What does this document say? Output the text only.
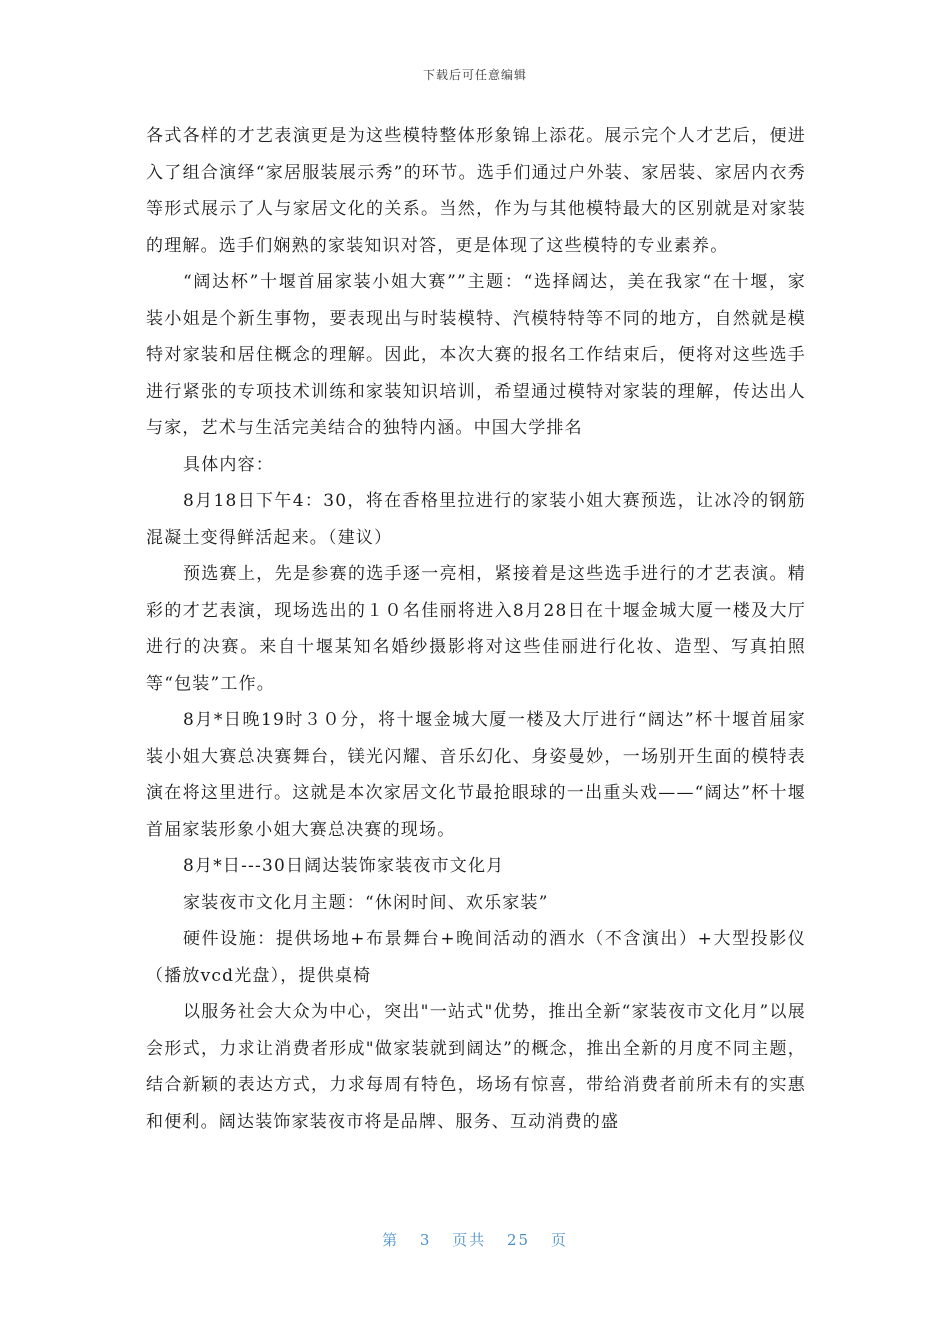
下载后可任意编辑

各式各样的才艺表演更是为这些模特整体形象锦上添花。展示完个人才艺后，便进入了组合演绎“家居服装展示秀”的环节。选手们通过户外装、家居装、家居内衣秀等形式展示了人与家居文化的关系。当然，作为与其他模特最大的区别就是对家装的理解。选手们娴熟的家装知识对答，更是体现了这些模特的专业素养。

“阔达杯”十堰首届家装小姐大赛””主题：“选择阔达，美在我家“在十堰，家装小姐是个新生事物，要表现出与时装模特、汽模特特等不同的地方，自然就是模特对家装和居住概念的理解。因此，本次大赛的报名工作结束后，便将对这些选手进行紧张的专项技术训练和家装知识培训，希望通过模特对家装的理解，传达出人与家，艺术与生活完美结合的独特内涵。中国大学排名

具体内容：

8月18日下午4：30，将在香格里拉进行的家装小姐大赛预选，让冰冷的钢筋混凝土变得鲜活起来。（建议）

预选赛上，先是参赛的选手逐一亮相，紧接着是这些选手进行的才艺表演。精彩的才艺表演，现场选出的１０名佳丽将进入8月28日在十堰金城大厦一楼及大厅进行的决赛。来自十堰某知名婚纱摄影将对这些佳丽进行化妆、造型、写真拍照等“包装”工作。

8月*日晚19时３０分，将十堰金城大厦一楼及大厅进行“阔达”杯十堰首届家装小姐大赛总决赛舞台，镁光闪耀、音乐幻化、身姿曼妙，一场别开生面的模特表演在将这里进行。这就是本次家居文化节最抢眼球的一出重头戏——“阔达”杯十堰首届家装形象小姐大赛总决赛的现场。

8月*日---30日阔达装饰家装夜市文化月

家装夜市文化月主题：“休闲时间、欢乐家装”

硬件设施：提供场地+布景舞台+晚间活动的酒水（不含演出）+大型投影仪（播放vcd光盘），提供桌椅

以服务社会大众为中心，突出"一站式"优势，推出全新“家装夜市文化月”以展会形式，力求让消费者形成"做家装就到阔达”的概念，推出全新的月度不同主题，结合新颖的表达方式，力求每周有特色，场场有惊喜，带给消费者前所未有的实惠和便利。阔达装饰家装夜市将是品牌、服务、互动消费的盛

第 3 页共 25 页
